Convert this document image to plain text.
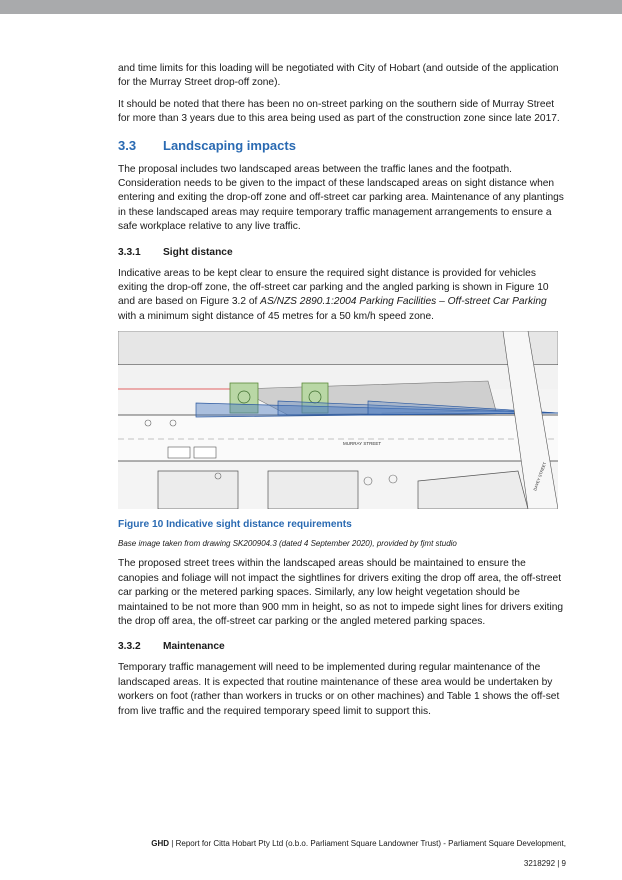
and time limits for this loading will be negotiated with City of Hobart (and outside of the application for the Murray Street drop-off zone).

It should be noted that there has been no on-street parking on the southern side of Murray Street for more than 3 years due to this area being used as part of the construction zone since late 2017.

3.3	Landscaping impacts

The proposal includes two landscaped areas between the traffic lanes and the footpath. Consideration needs to be given to the impact of these landscaped areas on sight distance when entering and exiting the drop-off zone and off-street car parking area. Maintenance of any plantings in these landscaped areas may require temporary traffic management arrangements to ensure a safe workplace relative to any live traffic.

3.3.1	Sight distance

Indicative areas to be kept clear to ensure the required sight distance is provided for vehicles exiting the drop-off zone, the off-street car parking and the angled parking is shown in Figure 10 and are based on Figure 3.2 of AS/NZS 2890.1:2004 Parking Facilities – Off-street Car Parking with a minimum sight distance of 45 metres for a 50 km/h speed zone.

MURRAY STREET
DAVEY STREET
Figure 10 Indicative sight distance requirements
Base image taken from drawing SK200904.3 (dated 4 September 2020), provided by fjmt studio

The proposed street trees within the landscaped areas should be maintained to ensure the canopies and foliage will not impact the sightlines for drivers exiting the drop off area, the off-street car parking or the metered parking spaces. Similarly, any low height vegetation should be maintained to be not more than 900 mm in height, so as not to impede sight lines for drivers exiting the drop off area, the off-street car parking or the angled metered parking spaces.

3.3.2	Maintenance

Temporary traffic management will need to be implemented during regular maintenance of the landscaped areas. It is expected that routine maintenance of these area would be undertaken by workers on foot (rather than workers in trucks or on other machines) and Table 1 shows the off-set from live traffic and the required temporary speed limit to support this.

GHD | Report for Citta Hobart Pty Ltd (o.b.o. Parliament Square Landowner Trust) - Parliament Square Development,
3218292 | 9
